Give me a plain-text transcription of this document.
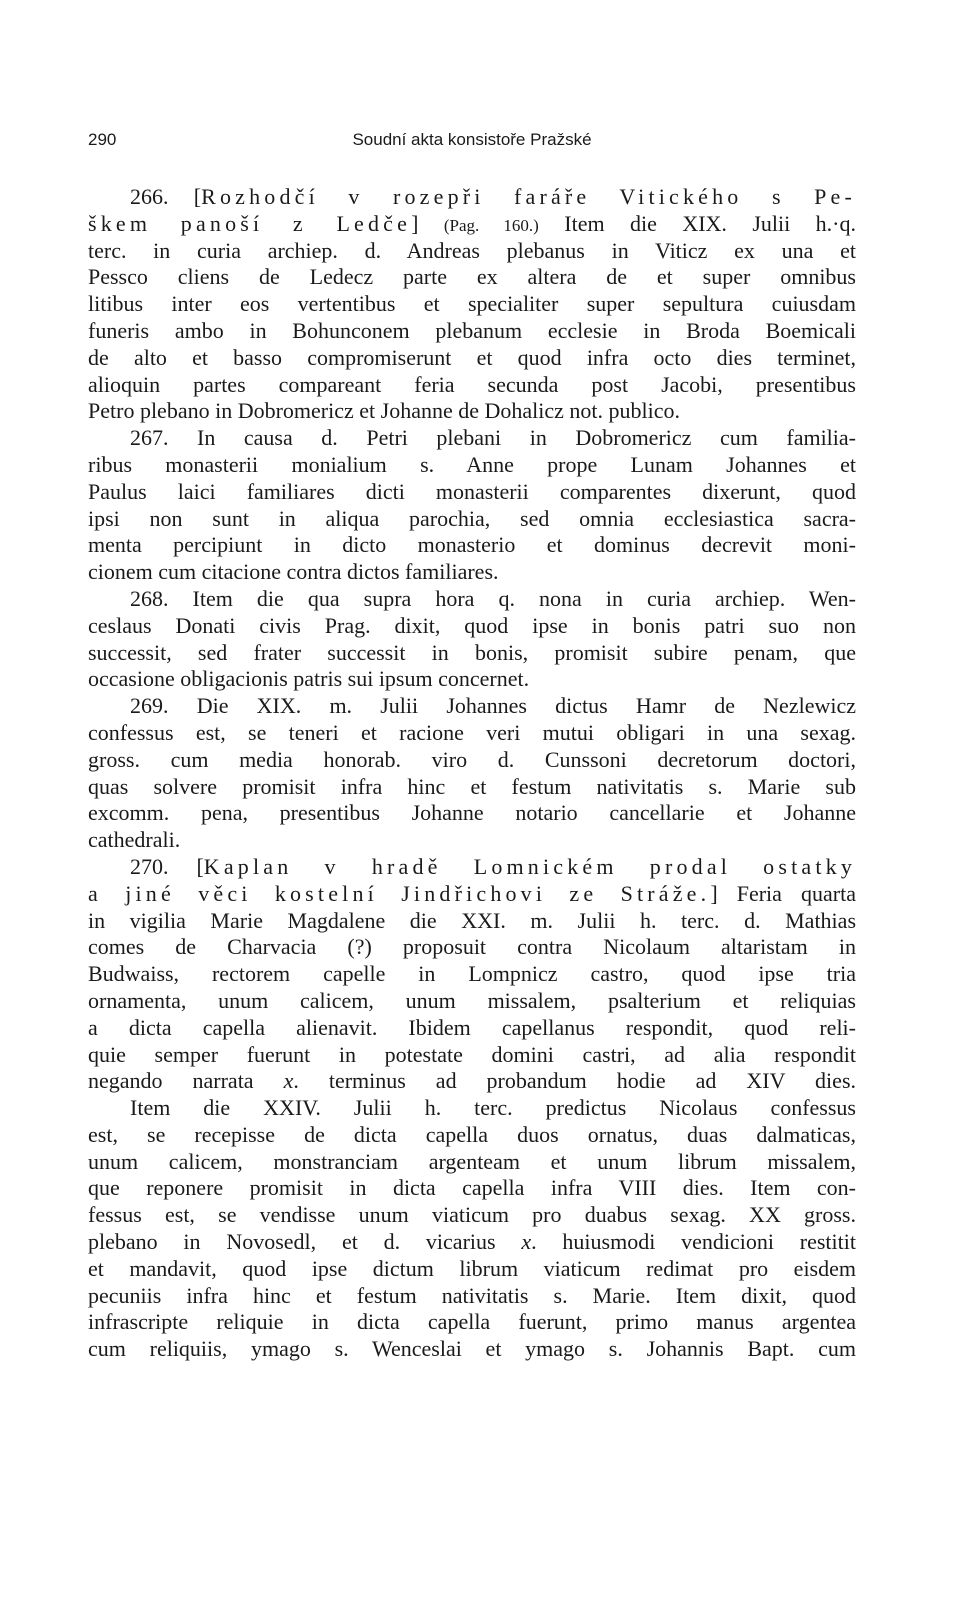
290	Soudní akta konsistoře Pražské
266. [Rozhodčí v rozepři faráře Vitického s Pe-
škem panoší z Ledče] (Pag. 160.) Item die XIX. Julii h.·q.
terc. in curia archiep. d. Andreas plebanus in Viticz ex una et
Pessco cliens de Ledecz parte ex altera de et super omnibus
litibus inter eos vertentibus et specialiter super sepultura cuiusdam
funeris ambo in Bohunconem plebanum ecclesie in Broda Boemicali
de alto et basso compromiserunt et quod infra octo dies terminet,
alioquin partes compareant feria secunda post Jacobi, presentibus
Petro plebano in Dobromericz et Johanne de Dohalicz not. publico.
267. In causa d. Petri plebani in Dobromericz cum familia-
ribus monasterii monialium s. Anne prope Lunam Johannes et
Paulus laici familiares dicti monasterii comparentes dixerunt, quod
ipsi non sunt in aliqua parochia, sed omnia ecclesiastica sacra-
menta percipiunt in dicto monasterio et dominus decrevit moni-
cionem cum citacione contra dictos familiares.
268. Item die qua supra hora q. nona in curia archiep. Wen-
ceslaus Donati civis Prag. dixit, quod ipse in bonis patri suo non
successit, sed frater successit in bonis, promisit subire penam, que
occasione obligacionis patris sui ipsum concernet.
269. Die XIX. m. Julii Johannes dictus Hamr de Nezlewicz
confessus est, se teneri et racione veri mutui obligari in una sexag.
gross. cum media honorab. viro d. Cunssoni decretorum doctori,
quas solvere promisit infra hinc et festum nativitatis s. Marie sub
excomm. pena, presentibus Johanne notario cancellarie et Johanne
cathedrali.
270. [Kaplan v hradě Lomnickém prodal ostatky
a jiné věci kostelní Jindřichovi ze Stráže.] Feria quarta
in vigilia Marie Magdalene die XXI. m. Julii h. terc. d. Mathias
comes de Charvacia (?) proposuit contra Nicolaum altaristam in
Budwaiss, rectorem capelle in Lompnicz castro, quod ipse tria
ornamenta, unum calicem, unum missalem, psalterium et reliquias
a dicta capella alienavit. Ibidem capellanus respondit, quod reli-
quie semper fuerunt in potestate domini castri, ad alia respondit
negando narrata x. terminus ad probandum hodie ad XIV dies.
Item die XXIV. Julii h. terc. predictus Nicolaus confessus
est, se recepisse de dicta capella duos ornatus, duas dalmaticas,
unum calicem, monstranciam argenteam et unum librum missalem,
que reponere promisit in dicta capella infra VIII dies. Item con-
fessus est, se vendisse unum viaticum pro duabus sexag. XX gross.
plebano in Novosedl, et d. vicarius x. huiusmodi vendicioni restitit
et mandavit, quod ipse dictum librum viaticum redimat pro eisdem
pecuniis infra hinc et festum nativitatis s. Marie. Item dixit, quod
infrascripte reliquie in dicta capella fuerunt, primo manus argentea
cum reliquiis, ymago s. Wenceslai et ymago s. Johannis Bapt. cum
